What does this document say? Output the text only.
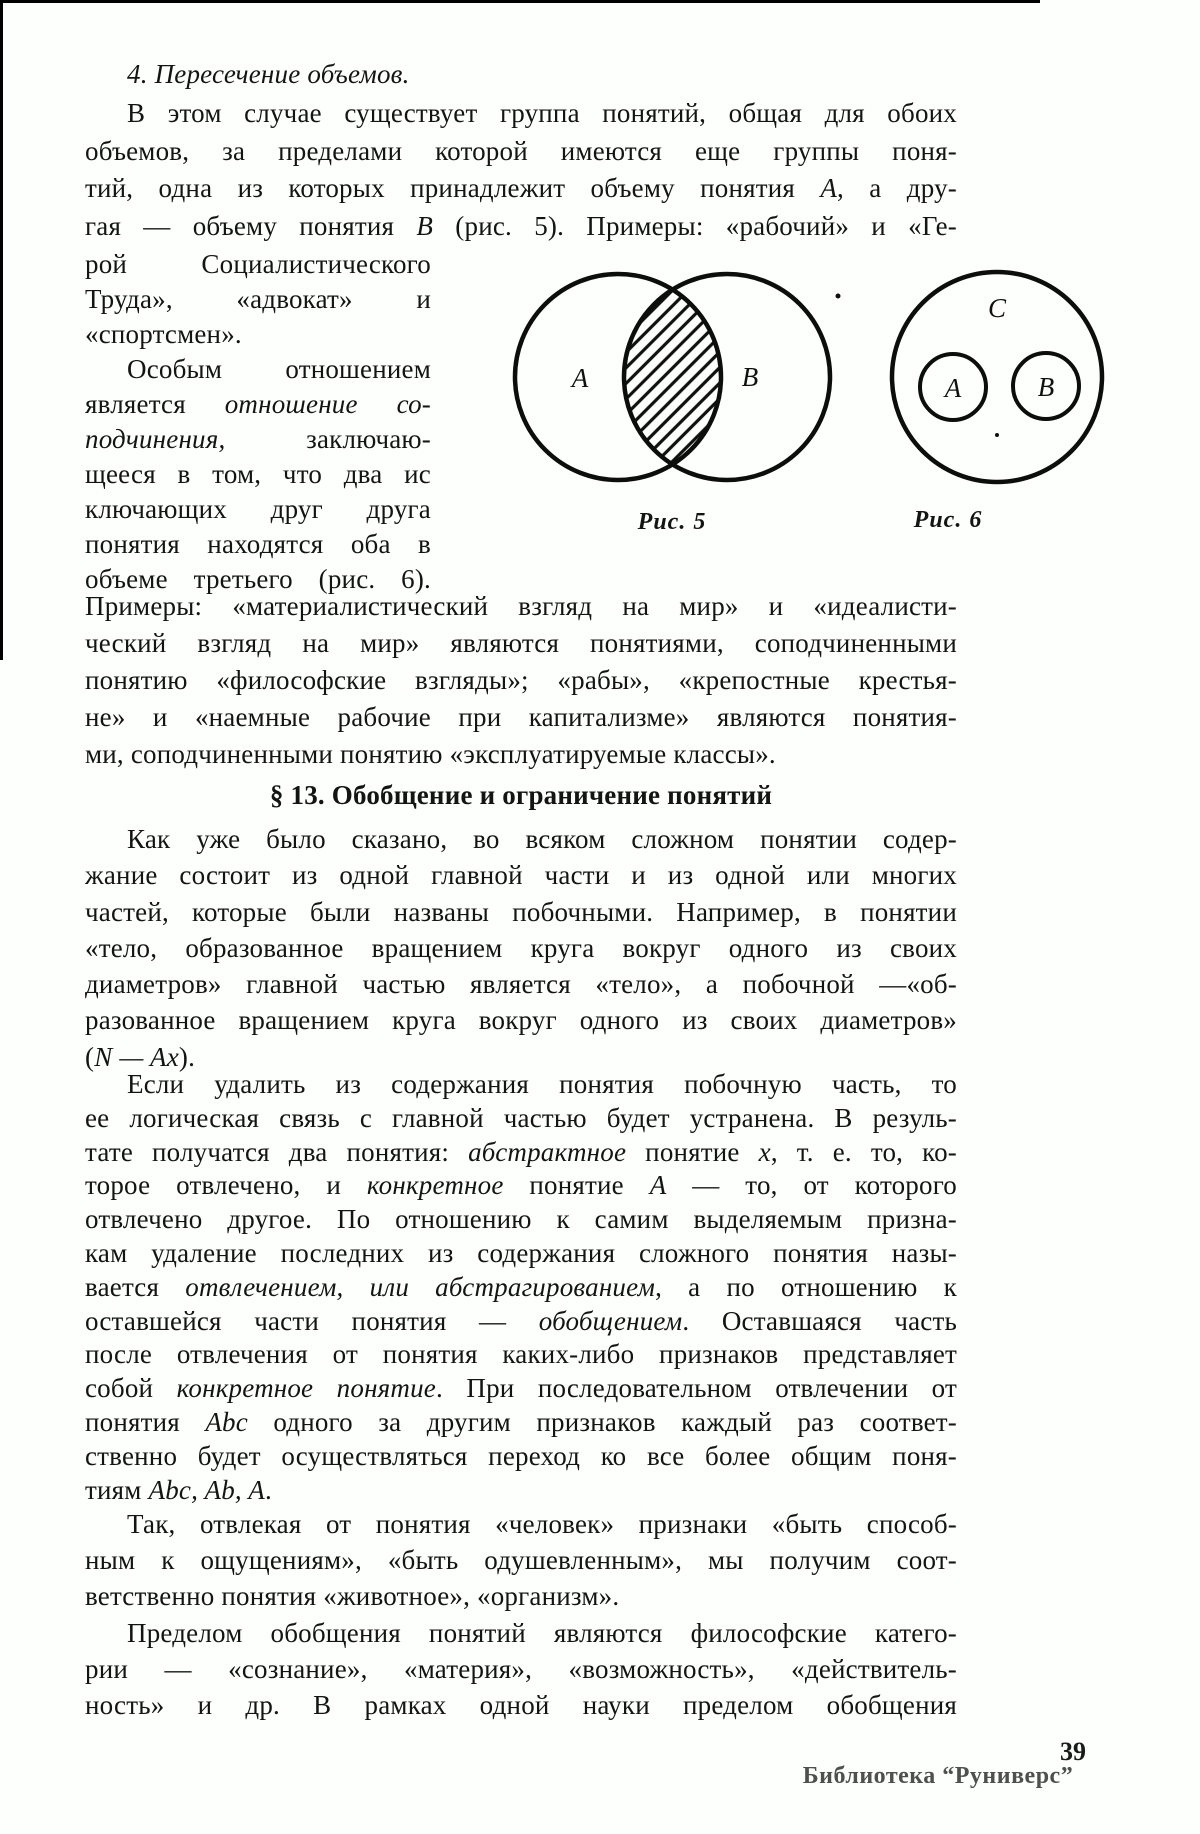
4. Пересечение объемов.
В этом случае существует группа понятий, общая для обоих
объемов, за пределами которой имеются еще группы поня-
тий, одна из которых принадлежит объему понятия A, а дру-
гая — объему понятия B (рис. 5). Примеры: «рабочий» и «Ге-
рой Социалистического
Труда», «адвокат» и
«спортсмен».
Особым отношением
является отношение со-
подчинения, заключаю-
щееся в том, что два ис
ключающих друг друга
понятия находятся оба в
объеме третьего (рис. 6).
A	B
C
A	B
Рис. 5	Рис. 6
Примеры: «материалистический взгляд на мир» и «идеалисти-
ческий взгляд на мир» являются понятиями, соподчиненными
понятию «философские взгляды»; «рабы», «крепостные крестья-
не» и «наемные рабочие при капитализме» являются понятия-
ми, соподчиненными понятию «эксплуатируемые классы».
§ 13. Обобщение и ограничение понятий
Как уже было сказано, во всяком сложном понятии содер-
жание состоит из одной главной части и из одной или многих
частей, которые были названы побочными. Например, в понятии
«тело, образованное вращением круга вокруг одного из своих
диаметров» главной частью является «тело», а побочной —«об-
разованное вращением круга вокруг одного из своих диаметров»
(N — Ax).
Если удалить из содержания понятия побочную часть, то
ее логическая связь с главной частью будет устранена. В резуль-
тате получатся два понятия: абстрактное понятие x, т. е. то, ко-
торое отвлечено, и конкретное понятие A — то, от которого
отвлечено другое. По отношению к самим выделяемым призна-
кам удаление последних из содержания сложного понятия назы-
вается отвлечением, или абстрагированием, а по отношению к
оставшейся части понятия — обобщением. Оставшаяся часть
после отвлечения от понятия каких-либо признаков представляет
собой конкретное понятие. При последовательном отвлечении от
понятия Abc одного за другим признаков каждый раз соответ-
ственно будет осуществляться переход ко все более общим поня-
тиям Abc, Ab, A.
Так, отвлекая от понятия «человек» признаки «быть способ-
ным к ощущениям», «быть одушевленным», мы получим соот-
ветственно понятия «животное», «организм».
Пределом обобщения понятий являются философские катего-
рии — «сознание», «материя», «возможность», «действитель-
ность» и др. В рамках одной науки пределом обобщения
39
Библиотека “Руниверс”
